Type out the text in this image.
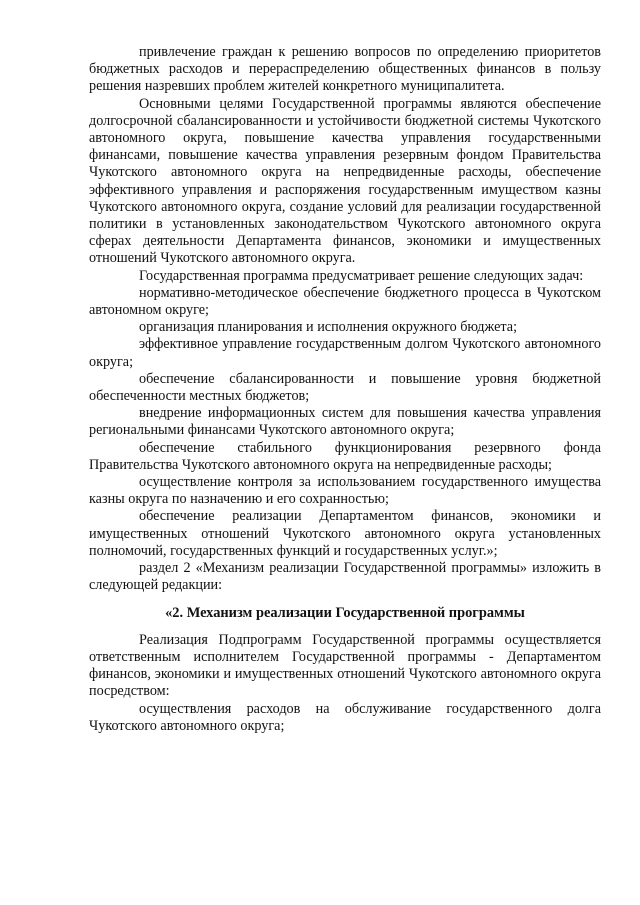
привлечение граждан к решению вопросов по определению приоритетов бюджетных расходов и перераспределению общественных финансов в пользу решения назревших проблем жителей конкретного муниципалитета.

Основными целями Государственной программы являются обеспечение долгосрочной сбалансированности и устойчивости бюджетной системы Чукотского автономного округа, повышение качества управления государственными финансами, повышение качества управления резервным фондом Правительства Чукотского автономного округа на непредвиденные расходы, обеспечение эффективного управления и распоряжения государственным имуществом казны Чукотского автономного округа, создание условий для реализации государственной политики в установленных законодательством Чукотского автономного округа сферах деятельности Департамента финансов, экономики и имущественных отношений Чукотского автономного округа.

Государственная программа предусматривает решение следующих задач:

нормативно-методическое обеспечение бюджетного процесса в Чукотском автономном округе;

организация планирования и исполнения окружного бюджета;

эффективное управление государственным долгом Чукотского автономного округа;

обеспечение сбалансированности и повышение уровня бюджетной обеспеченности местных бюджетов;

внедрение информационных систем для повышения качества управления региональными финансами Чукотского автономного округа;

обеспечение стабильного функционирования резервного фонда Правительства Чукотского автономного округа на непредвиденные расходы;

осуществление контроля за использованием государственного имущества казны округа по назначению и его сохранностью;

обеспечение реализации Департаментом финансов, экономики и имущественных отношений Чукотского автономного округа установленных полномочий, государственных функций и государственных услуг.»;

раздел 2 «Механизм реализации Государственной программы» изложить в следующей редакции:

«2. Механизм реализации Государственной программы

Реализация Подпрограмм Государственной программы осуществляется ответственным исполнителем Государственной программы - Департаментом финансов, экономики и имущественных отношений Чукотского автономного округа посредством:

осуществления расходов на обслуживание государственного долга Чукотского автономного округа;
